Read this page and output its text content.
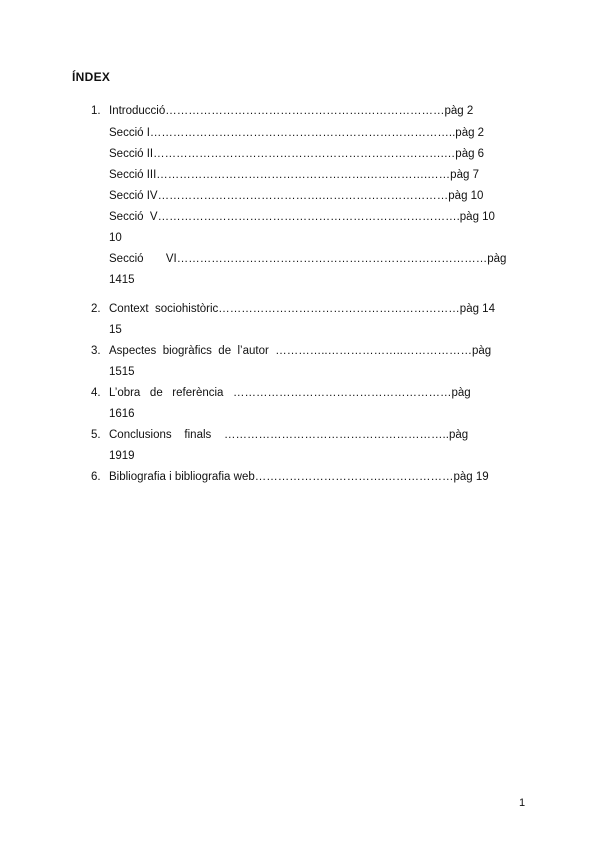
ÍNDEX
1. Introducció…………………………………………….…………………pàg 2
Secció I……………………………………………………………………..pàg 2
Secció II………………………………………………………………….…pàg 6
Secció III……………………………………………….…………….……pàg 7
Secció IV…………………………………….……………………………pàg 10
Secció  V…………………………………………………………………….pàg 10
10
Secció       VI………………………………………………………………………pàg
1415
2. Context  sociohistòric………………………………………………………pàg 14
15
3. Aspectes  biogràfics  de  l’autor  …………..………………..………………pàg
1515
4. L’obra   de   referència   …………………………………………………pàg
1616
5. Conclusions    finals    …………………………………………………..pàg
1919
6. Bibliografia i bibliografia web…………………………….………………pàg 19
1
